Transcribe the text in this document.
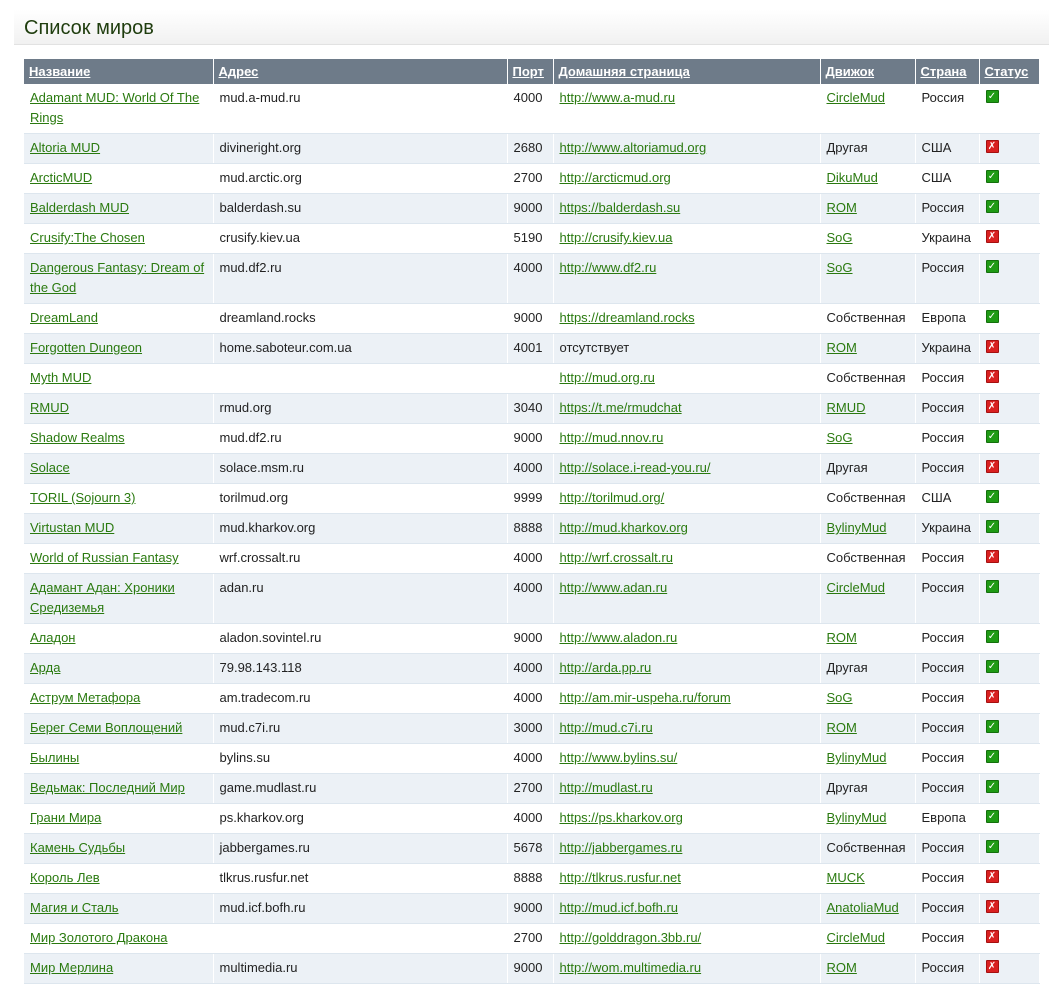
Список миров
Название	Адрес	Порт	Домашняя страница	Движок	Страна	Статус
Adamant MUD: World Of The Rings	mud.a-mud.ru	4000	http://www.a-mud.ru	CircleMud	Россия	✓
Altoria MUD	divineright.org	2680	http://www.altoriamud.org	Другая	США	✗
ArcticMUD	mud.arctic.org	2700	http://arcticmud.org	DikuMud	США	✓
Balderdash MUD	balderdash.su	9000	https://balderdash.su	ROM	Россия	✓
Crusify:The Chosen	crusify.kiev.ua	5190	http://crusify.kiev.ua	SoG	Украина	✗
Dangerous Fantasy: Dream of the God	mud.df2.ru	4000	http://www.df2.ru	SoG	Россия	✓
DreamLand	dreamland.rocks	9000	https://dreamland.rocks	Собственная	Европа	✓
Forgotten Dungeon	home.saboteur.com.ua	4001	отсутствует	ROM	Украина	✗
Myth MUD			http://mud.org.ru	Собственная	Россия	✗
RMUD	rmud.org	3040	https://t.me/rmudchat	RMUD	Россия	✗
Shadow Realms	mud.df2.ru	9000	http://mud.nnov.ru	SoG	Россия	✓
Solace	solace.msm.ru	4000	http://solace.i-read-you.ru/	Другая	Россия	✗
TORIL (Sojourn 3)	torilmud.org	9999	http://torilmud.org/	Собственная	США	✓
Virtustan MUD	mud.kharkov.org	8888	http://mud.kharkov.org	BylinyMud	Украина	✓
World of Russian Fantasy	wrf.crossalt.ru	4000	http://wrf.crossalt.ru	Собственная	Россия	✗
Адамант Адан: Хроники Средиземья	adan.ru	4000	http://www.adan.ru	CircleMud	Россия	✓
Аладон	aladon.sovintel.ru	9000	http://www.aladon.ru	ROM	Россия	✓
Арда	79.98.143.118	4000	http://arda.pp.ru	Другая	Россия	✓
Аструм Метафора	am.tradecom.ru	4000	http://am.mir-uspeha.ru/forum	SoG	Россия	✗
Берег Семи Воплощений	mud.c7i.ru	3000	http://mud.c7i.ru	ROM	Россия	✓
Былины	bylins.su	4000	http://www.bylins.su/	BylinyMud	Россия	✓
Ведьмак: Последний Мир	game.mudlast.ru	2700	http://mudlast.ru	Другая	Россия	✓
Грани Мира	ps.kharkov.org	4000	https://ps.kharkov.org	BylinyMud	Европа	✓
Камень Судьбы	jabbergames.ru	5678	http://jabbergames.ru	Собственная	Россия	✓
Король Лев	tlkrus.rusfur.net	8888	http://tlkrus.rusfur.net	MUCK	Россия	✗
Магия и Сталь	mud.icf.bofh.ru	9000	http://mud.icf.bofh.ru	AnatoliaMud	Россия	✗
Мир Золотого Дракона		2700	http://golddragon.3bb.ru/	CircleMud	Россия	✗
Мир Мерлина	multimedia.ru	9000	http://wom.multimedia.ru	ROM	Россия	✗
